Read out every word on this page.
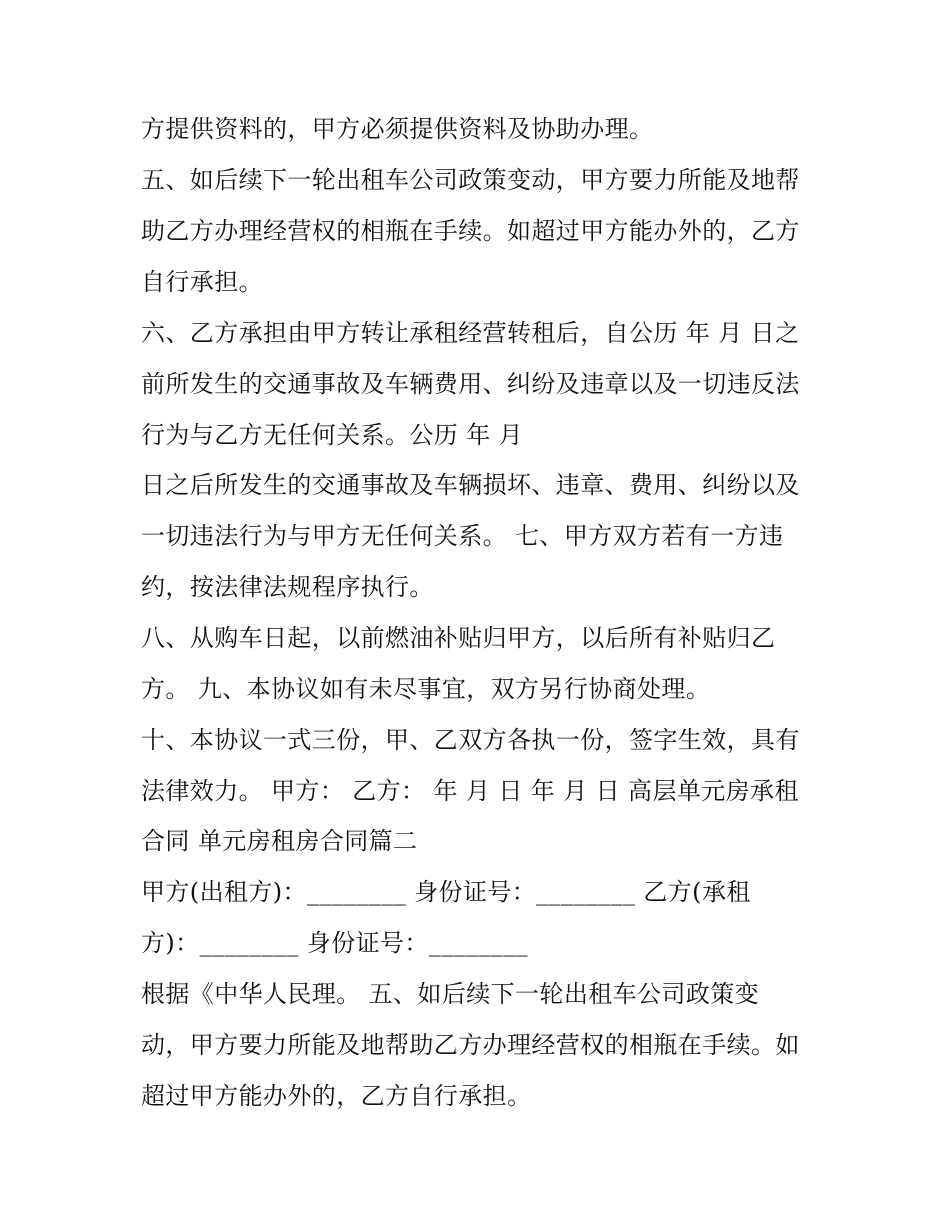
方提供资料的，甲方必须提供资料及协助办理。
五、如后续下一轮出租车公司政策变动，甲方要力所能及地帮
助乙方办理经营权的相瓶在手续。如超过甲方能办外的，乙方
自行承担。
六、乙方承担由甲方转让承租经营转租后，自公历 年 月 日之
前所发生的交通事故及车辆费用、纠纷及违章以及一切违反法
行为与乙方无任何关系。公历 年 月
日之后所发生的交通事故及车辆损坏、违章、费用、纠纷以及
一切违法行为与甲方无任何关系。 七、甲方双方若有一方违
约，按法律法规程序执行。
八、从购车日起，以前燃油补贴归甲方，以后所有补贴归乙
方。 九、本协议如有未尽事宜，双方另行协商处理。
十、本协议一式三份，甲、乙双方各执一份，签字生效，具有
法律效力。 甲方： 乙方： 年 月 日 年 月 日 高层单元房承租
合同 单元房租房合同篇二
甲方(出租方)：________ 身份证号：________ 乙方(承租
方)：________ 身份证号：________
根据《中华人民理。 五、如后续下一轮出租车公司政策变
动，甲方要力所能及地帮助乙方办理经营权的相瓶在手续。如
超过甲方能办外的，乙方自行承担。
